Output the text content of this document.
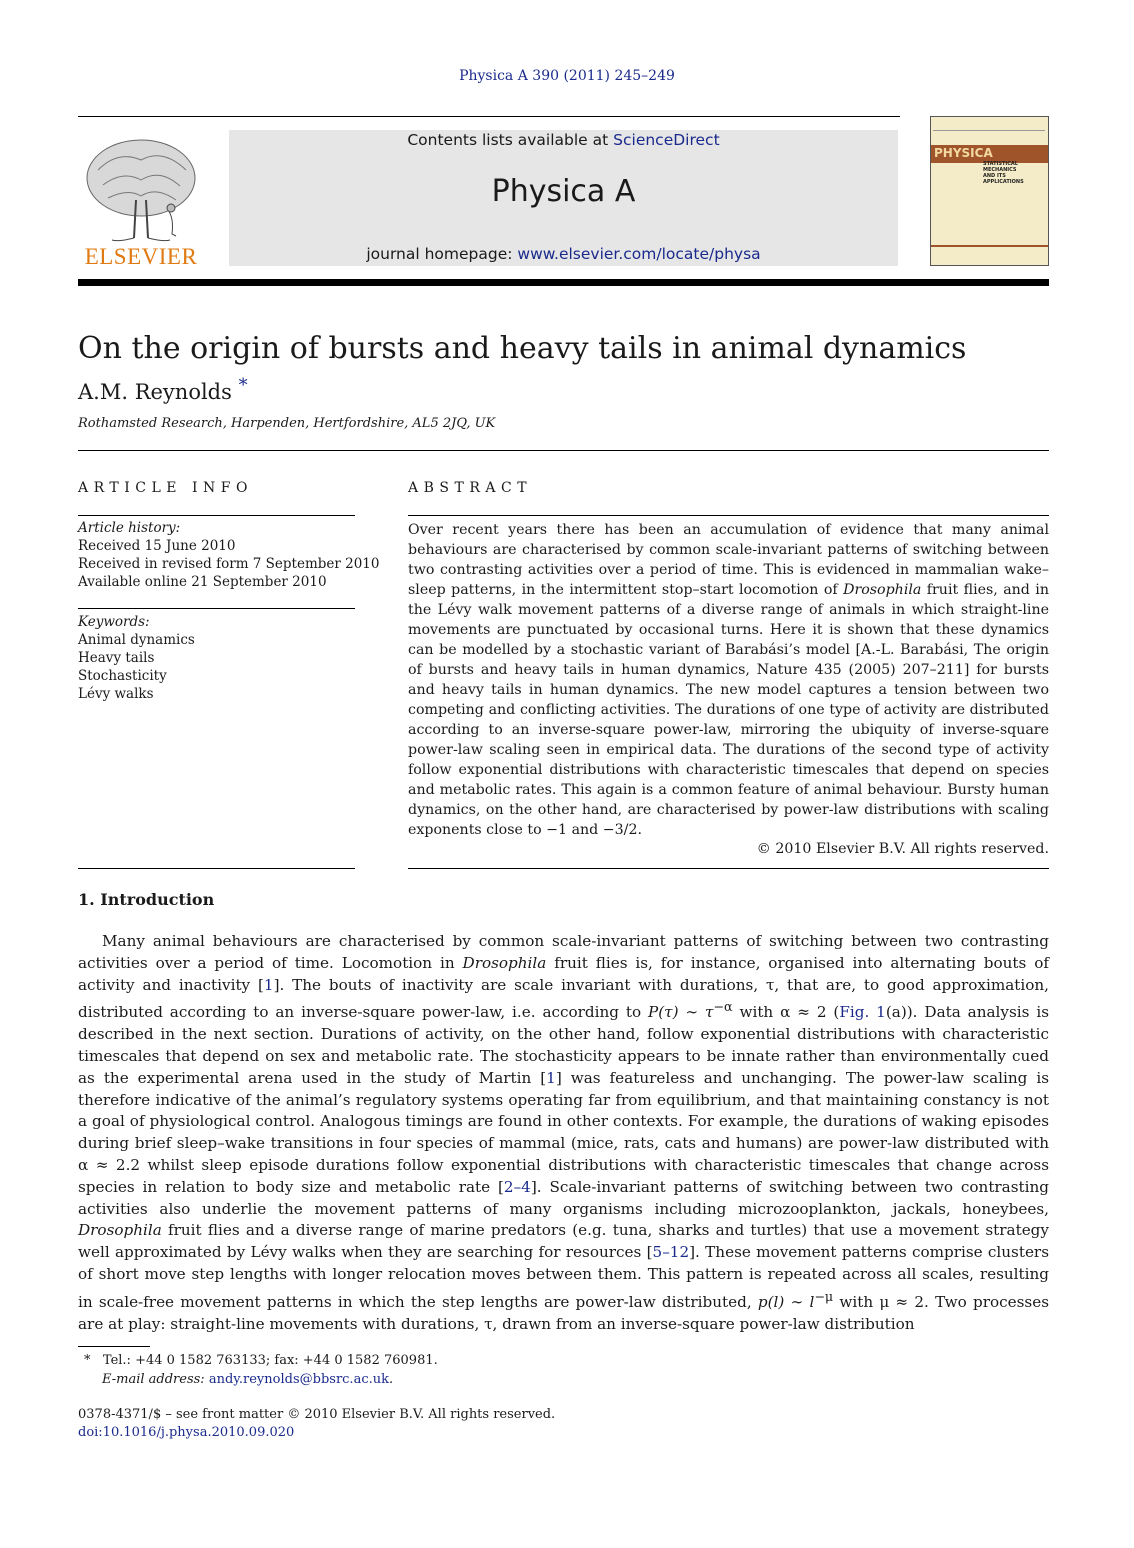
Physica A 390 (2011) 245–249
ELSEVIER
Contents lists available at ScienceDirect
Physica A
journal homepage: www.elsevier.com/locate/physa
PHYSICA
STATISTICAL MECHANICS
AND ITS APPLICATIONS
On the origin of bursts and heavy tails in animal dynamics
A.M. Reynolds *
Rothamsted Research, Harpenden, Hertfordshire, AL5 2JQ, UK
ARTICLE INFO	ABSTRACT
Article history:
Received 15 June 2010
Received in revised form 7 September 2010
Available online 21 September 2010
Keywords:
Animal dynamics
Heavy tails
Stochasticity
Lévy walks
Over recent years there has been an accumulation of evidence that many animal behaviours are characterised by common scale-invariant patterns of switching between two contrasting activities over a period of time. This is evidenced in mammalian wake–sleep patterns, in the intermittent stop–start locomotion of Drosophila fruit flies, and in the Lévy walk movement patterns of a diverse range of animals in which straight-line movements are punctuated by occasional turns. Here it is shown that these dynamics can be modelled by a stochastic variant of Barabási’s model [A.-L. Barabási, The origin of bursts and heavy tails in human dynamics, Nature 435 (2005) 207–211] for bursts and heavy tails in human dynamics. The new model captures a tension between two competing and conflicting activities. The durations of one type of activity are distributed according to an inverse-square power-law, mirroring the ubiquity of inverse-square power-law scaling seen in empirical data. The durations of the second type of activity follow exponential distributions with characteristic timescales that depend on species and metabolic rates. This again is a common feature of animal behaviour. Bursty human dynamics, on the other hand, are characterised by power-law distributions with scaling exponents close to −1 and −3/2.
© 2010 Elsevier B.V. All rights reserved.
1. Introduction
Many animal behaviours are characterised by common scale-invariant patterns of switching between two contrasting activities over a period of time. Locomotion in Drosophila fruit flies is, for instance, organised into alternating bouts of activity and inactivity [1]. The bouts of inactivity are scale invariant with durations, τ, that are, to good approximation, distributed according to an inverse-square power-law, i.e. according to P(τ) ∼ $\tau^{-\alpha}$ with α ≈ 2 (Fig. 1(a)). Data analysis is described in the next section. Durations of activity, on the other hand, follow exponential distributions with characteristic timescales that depend on sex and metabolic rate. The stochasticity appears to be innate rather than environmentally cued as the experimental arena used in the study of Martin [1] was featureless and unchanging. The power-law scaling is therefore indicative of the animal’s regulatory systems operating far from equilibrium, and that maintaining constancy is not a goal of physiological control. Analogous timings are found in other contexts. For example, the durations of waking episodes during brief sleep–wake transitions in four species of mammal (mice, rats, cats and humans) are power-law distributed with α ≈ 2.2 whilst sleep episode durations follow exponential distributions with characteristic timescales that change across species in relation to body size and metabolic rate [2–4]. Scale-invariant patterns of switching between two contrasting activities also underlie the movement patterns of many organisms including microzooplankton, jackals, honeybees, Drosophila fruit flies and a diverse range of marine predators (e.g. tuna, sharks and turtles) that use a movement strategy well approximated by Lévy walks when they are searching for resources [5–12]. These movement patterns comprise clusters of short move step lengths with longer relocation moves between them. This pattern is repeated across all scales, resulting in scale-free movement patterns in which the step lengths are power-law distributed, p(l) ∼ $l^{-\mu}$ with μ ≈ 2. Two processes are at play: straight-line movements with durations, τ, drawn from an inverse-square power-law distribution
* Tel.: +44 0 1582 763133; fax: +44 0 1582 760981.
E-mail address: andy.reynolds@bbsrc.ac.uk.
0378-4371/$ – see front matter © 2010 Elsevier B.V. All rights reserved.
doi:10.1016/j.physa.2010.09.020
